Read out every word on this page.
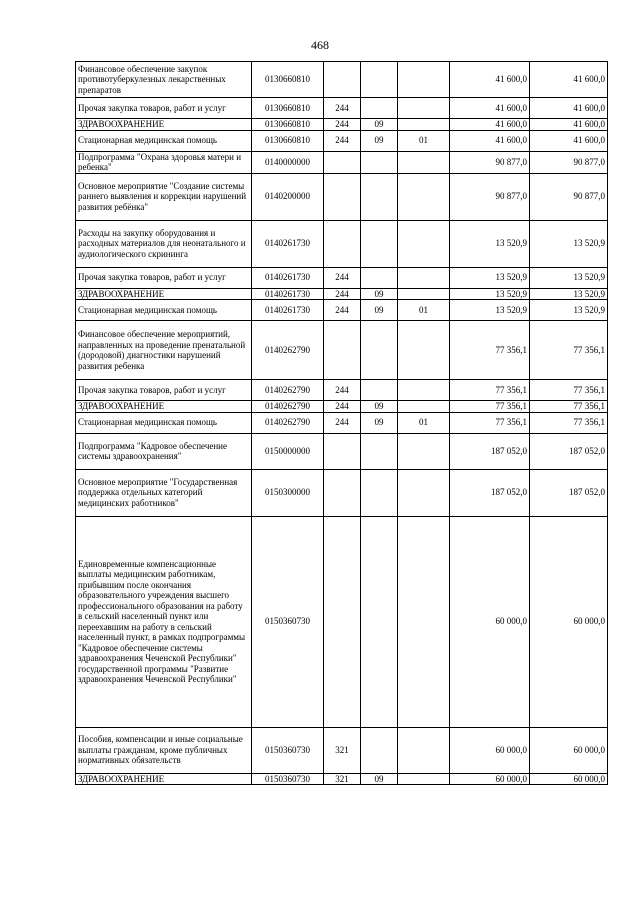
468
Финансовое обеспечение закупок противотуберкулезных лекарственных препаратов	0130660810				41 600,0	41 600,0
Прочая закупка товаров, работ и услуг	0130660810	244			41 600,0	41 600,0
ЗДРАВООХРАНЕНИЕ	0130660810	244	09		41 600,0	41 600,0
Стационарная медицинская помощь	0130660810	244	09	01	41 600,0	41 600,0
Подпрограмма "Охрана здоровья матери и ребенка"	0140000000				90 877,0	90 877,0
Основное мероприятие "Создание системы раннего выявления и коррекции нарушений развития ребёнка"	0140200000				90 877,0	90 877,0
Расходы на закупку оборудования и расходных материалов для неонатального и аудиологического скрининга	0140261730				13 520,9	13 520,9
Прочая закупка товаров, работ и услуг	0140261730	244			13 520,9	13 520,9
ЗДРАВООХРАНЕНИЕ	0140261730	244	09		13 520,9	13 520,9
Стационарная медицинская помощь	0140261730	244	09	01	13 520,9	13 520,9
Финансовое обеспечение мероприятий, направленных на проведение пренатальной (дородовой) диагностики нарушений развития ребенка	0140262790				77 356,1	77 356,1
Прочая закупка товаров, работ и услуг	0140262790	244			77 356,1	77 356,1
ЗДРАВООХРАНЕНИЕ	0140262790	244	09		77 356,1	77 356,1
Стационарная медицинская помощь	0140262790	244	09	01	77 356,1	77 356,1
Подпрограмма "Кадровое обеспечение системы здравоохранения"	0150000000				187 052,0	187 052,0
Основное мероприятие "Государственная поддержка отдельных категорий медицинских работников"	0150300000				187 052,0	187 052,0
Единовременные компенсационные выплаты медицинским работникам, прибывшим после окончания образовательного учреждения высшего профессионального образования на работу в сельский населенный пункт или переехавшим на работу в сельский населенный пункт, в рамках подпрограммы "Кадровое обеспечение системы здравоохранения Чеченской Республики" государственной программы "Развитие здравоохранения Чеченской Республики"	0150360730				60 000,0	60 000,0
Пособия, компенсации и иные социальные выплаты гражданам, кроме публичных нормативных обязательств	0150360730	321			60 000,0	60 000,0
ЗДРАВООХРАНЕНИЕ	0150360730	321	09		60 000,0	60 000,0
